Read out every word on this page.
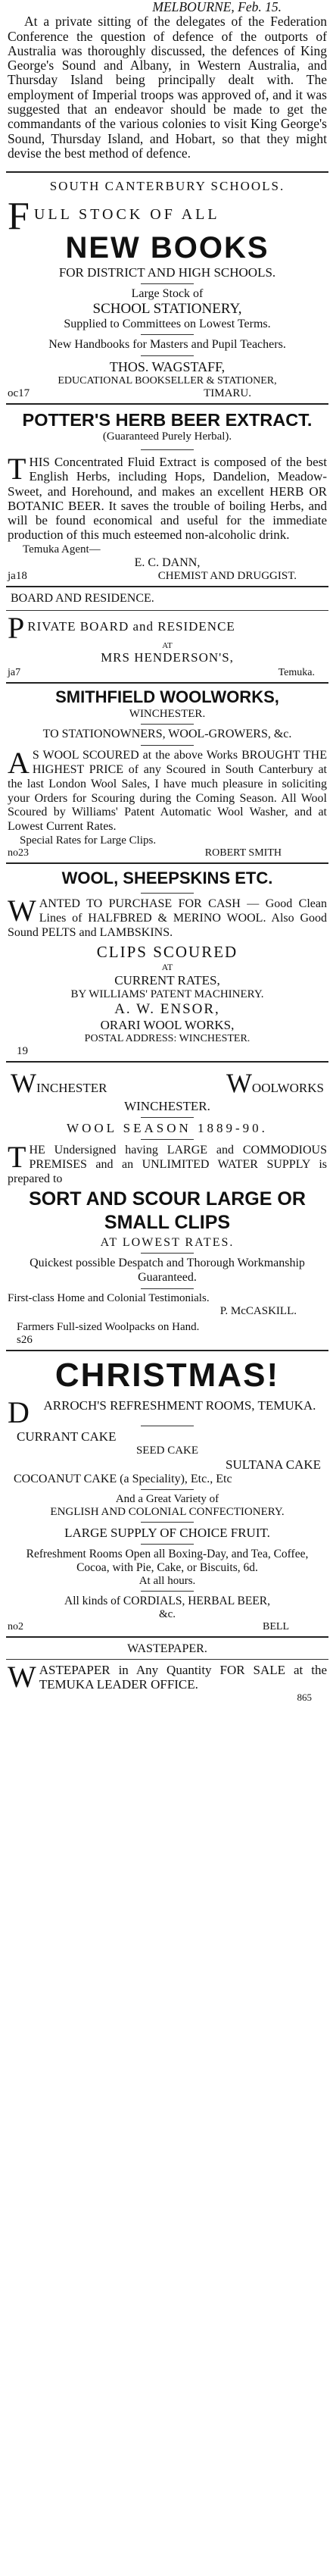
MELBOURNE, Feb. 15.

At a private sitting of the delegates of the Federation Conference the question of defence of the outports of Australia was thoroughly discussed, the defences of King George's Sound and Albany, in Western Australia, and Thursday Island being principally dealt with. The employment of Imperial troops was approved of, and it was suggested that an endeavor should be made to get the commandants of the various colonies to visit King George's Sound, Thursday Island, and Hobart, so that they might devise the best method of defence.

SOUTH CANTERBURY SCHOOLS.

F ULL STOCK OF ALL

NEW BOOKS

FOR DISTRICT AND HIGH SCHOOLS.

Large Stock of

SCHOOL STATIONERY,

Supplied to Committees on Lowest Terms.

New Handbooks for Masters and Pupil Teachers.

THOS. WAGSTAFF,

EDUCATIONAL BOOKSELLER & STATIONER,

oc17	TIMARU.

POTTER'S HERB BEER EXTRACT.

(Guaranteed Purely Herbal).

T HIS Concentrated Fluid Extract is composed of the best English Herbs, including Hops, Dandelion, Meadow-Sweet, and Horehound, and makes an excellent HERB OR BOTANIC BEER. It saves the trouble of boiling Herbs, and will be found economical and useful for the immediate production of this much esteemed non-alcoholic drink.

Temuka Agent—

E. C. DANN,

ja18	CHEMIST AND DRUGGIST.

BOARD AND RESIDENCE.

P RIVATE BOARD and RESIDENCE

AT

MRS HENDERSON'S,

ja7	Temuka.

SMITHFIELD WOOLWORKS,

WINCHESTER.

TO STATIONOWNERS, WOOL-GROWERS, &c.

A S WOOL SCOURED at the above Works BROUGHT THE HIGHEST PRICE of any Scoured in South Canterbury at the last London Wool Sales, I have much pleasure in soliciting your Orders for Scouring during the Coming Season. All Wool Scoured by Williams' Patent Automatic Wool Washer, and at Lowest Current Rates.

Special Rates for Large Clips.

no23	ROBERT SMITH

WOOL, SHEEPSKINS ETC.

W ANTED TO PURCHASE FOR CASH — Good Clean Lines of HALFBRED & MERINO WOOL. Also Good Sound PELTS and LAMBSKINS.

CLIPS SCOURED

AT

CURRENT RATES,

BY WILLIAMS' PATENT MACHINERY.

A. W. ENSOR,

ORARI WOOL WORKS,

POSTAL ADDRESS: WINCHESTER.

19

WINCHESTER	WOOLWORKS

WINCHESTER.

WOOL SEASON 1889-90.

T HE Undersigned having LARGE and COMMODIOUS PREMISES and an UNLIMITED WATER SUPPLY is prepared to

SORT AND SCOUR LARGE OR SMALL CLIPS

AT LOWEST RATES.

Quickest possible Despatch and Thorough Workmanship Guaranteed.

First-class Home and Colonial Testimonials.

P. McCASKILL.

Farmers Full-sized Woolpacks on Hand.

s26

CHRISTMAS!

D	ARROCH'S REFRESHMENT ROOMS, TEMUKA.

CURRANT CAKE

SEED CAKE

SULTANA CAKE

COCOANUT CAKE (a Speciality), Etc., Etc

And a Great Variety of

ENGLISH AND COLONIAL CONFECTIONERY.

LARGE SUPPLY OF CHOICE FRUIT.

Refreshment Rooms Open all Boxing-Day, and Tea, Coffee, Cocoa, with Pie, Cake, or Biscuits, 6d.

At all hours.

All kinds of CORDIALS, HERBAL BEER,

&c.

no2	BELL

WASTEPAPER.

W ASTEPAPER in Any Quantity FOR SALE at the TEMUKA LEADER OFFICE.

865
